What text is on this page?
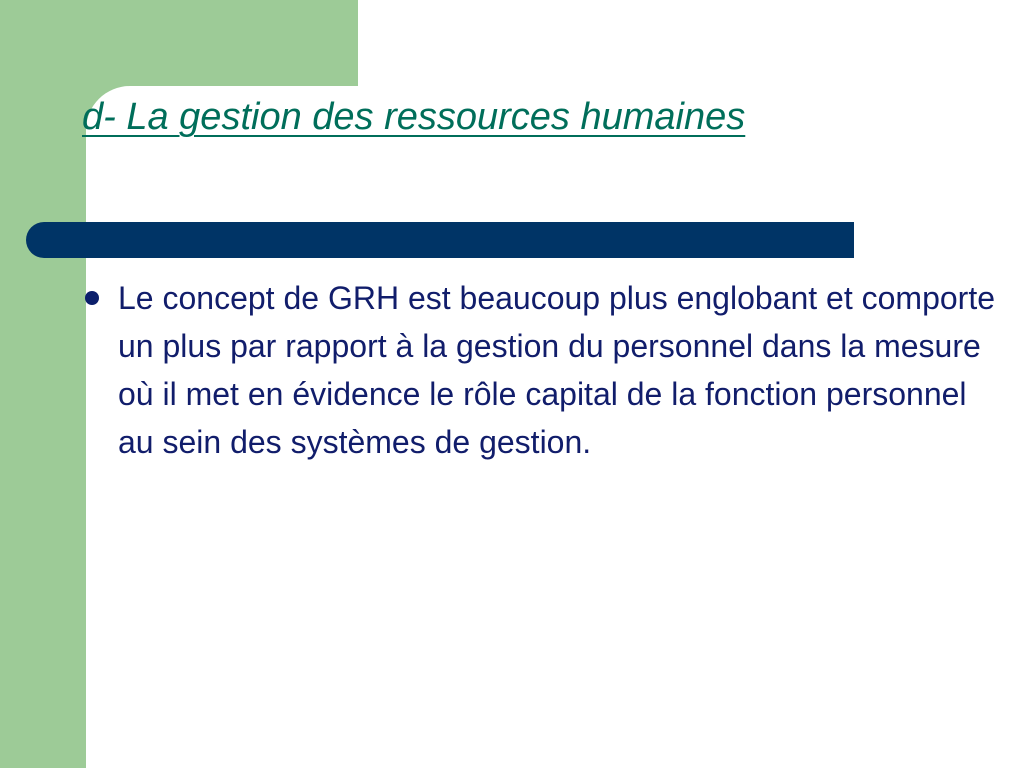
d- La gestion des ressources humaines
Le concept de GRH est beaucoup plus englobant et comporte un plus par rapport à la gestion du personnel dans la mesure où il met en évidence le rôle capital de la fonction personnel au sein des systèmes de gestion.
